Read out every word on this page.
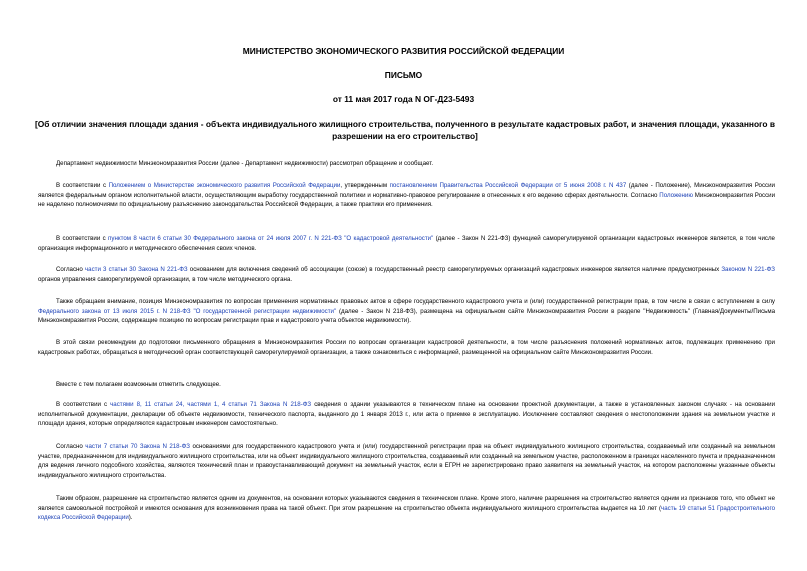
МИНИСТЕРСТВО ЭКОНОМИЧЕСКОГО РАЗВИТИЯ РОССИЙСКОЙ ФЕДЕРАЦИИ
ПИСЬМО
от 11 мая 2017 года N ОГ-Д23-5493
[Об отличии значения площади здания - объекта индивидуального жилищного строительства, полученного в результате кадастровых работ, и значения площади, указанного в разрешении на его строительство]
Департамент недвижимости Минэкономразвития России (далее - Департамент недвижимости) рассмотрел обращение и сообщает.
В соответствии с Положением о Министерстве экономического развития Российской Федерации, утвержденным постановлением Правительства Российской Федерации от 5 июня 2008 г. N 437 (далее - Положение), Минэкономразвития России является федеральным органом исполнительной власти, осуществляющим выработку государственной политики и нормативно-правовое регулирование в отнесенных к его ведению сферах деятельности. Согласно Положению Минэкономразвития России не наделено полномочиями по официальному разъяснению законодательства Российской Федерации, а также практики его применения.
В соответствии с пунктом 8 части 6 статьи 30 Федерального закона от 24 июля 2007 г. N 221-ФЗ "О кадастровой деятельности" (далее - Закон N 221-ФЗ) функцией саморегулируемой организации кадастровых инженеров является, в том числе организация информационного и методического обеспечения своих членов.
Согласно части 3 статьи 30 Закона N 221-ФЗ основанием для включения сведений об ассоциации (союзе) в государственный реестр саморегулируемых организаций кадастровых инженеров является наличие предусмотренных Законом N 221-ФЗ органов управления саморегулируемой организации, в том числе методического органа.
Также обращаем внимание, позиция Минэкономразвития по вопросам применения нормативных правовых актов в сфере государственного кадастрового учета и (или) государственной регистрации прав, в том числе в связи с вступлением в силу Федерального закона от 13 июля 2015 г. N 218-ФЗ "О государственной регистрации недвижимости" (далее - Закон N 218-ФЗ), размещена на официальном сайте Минэкономразвития России в разделе "Недвижимость" (Главная/Документы/Письма Минэкономразвития России, содержащие позицию по вопросам регистрации прав и кадастрового учета объектов недвижимости).
В этой связи рекомендуем до подготовки письменного обращения в Минэкономразвития России по вопросам организации кадастровой деятельности, в том числе разъяснения положений нормативных актов, подлежащих применению при кадастровых работах, обращаться в методический орган соответствующей саморегулируемой организации, а также ознакомиться с информацией, размещенной на официальном сайте Минэкономразвития России.
Вместе с тем полагаем возможным отметить следующее.
В соответствии с частями 8, 11 статьи 24, частями 1, 4 статьи 71 Закона N 218-ФЗ сведения о здании указываются в техническом плане на основании проектной документации, а также в установленных законом случаях - на основании исполнительной документации, декларации об объекте недвижимости, технического паспорта, выданного до 1 января 2013 г., или акта о приемке в эксплуатацию. Исключение составляют сведения о местоположении здания на земельном участке и площади здания, которые определяются кадастровым инженером самостоятельно.
Согласно части 7 статьи 70 Закона N 218-ФЗ основаниями для государственного кадастрового учета и (или) государственной регистрации прав на объект индивидуального жилищного строительства, создаваемый или созданный на земельном участке, предназначенном для индивидуального жилищного строительства, или на объект индивидуального жилищного строительства, создаваемый или созданный на земельном участке, расположенном в границах населенного пункта и предназначенном для ведения личного подсобного хозяйства, являются технический план и правоустанавливающий документ на земельный участок, если в ЕГРН не зарегистрировано право заявителя на земельный участок, на котором расположены указанные объекты индивидуального жилищного строительства.
Таким образом, разрешение на строительство является одним из документов, на основании которых указываются сведения в техническом плане. Кроме этого, наличие разрешения на строительство является одним из признаков того, что объект не является самовольной постройкой и имеются основания для возникновения права на такой объект. При этом разрешение на строительство объекта индивидуального жилищного строительства выдается на 10 лет (часть 19 статьи 51 Градостроительного кодекса Российской Федерации).
